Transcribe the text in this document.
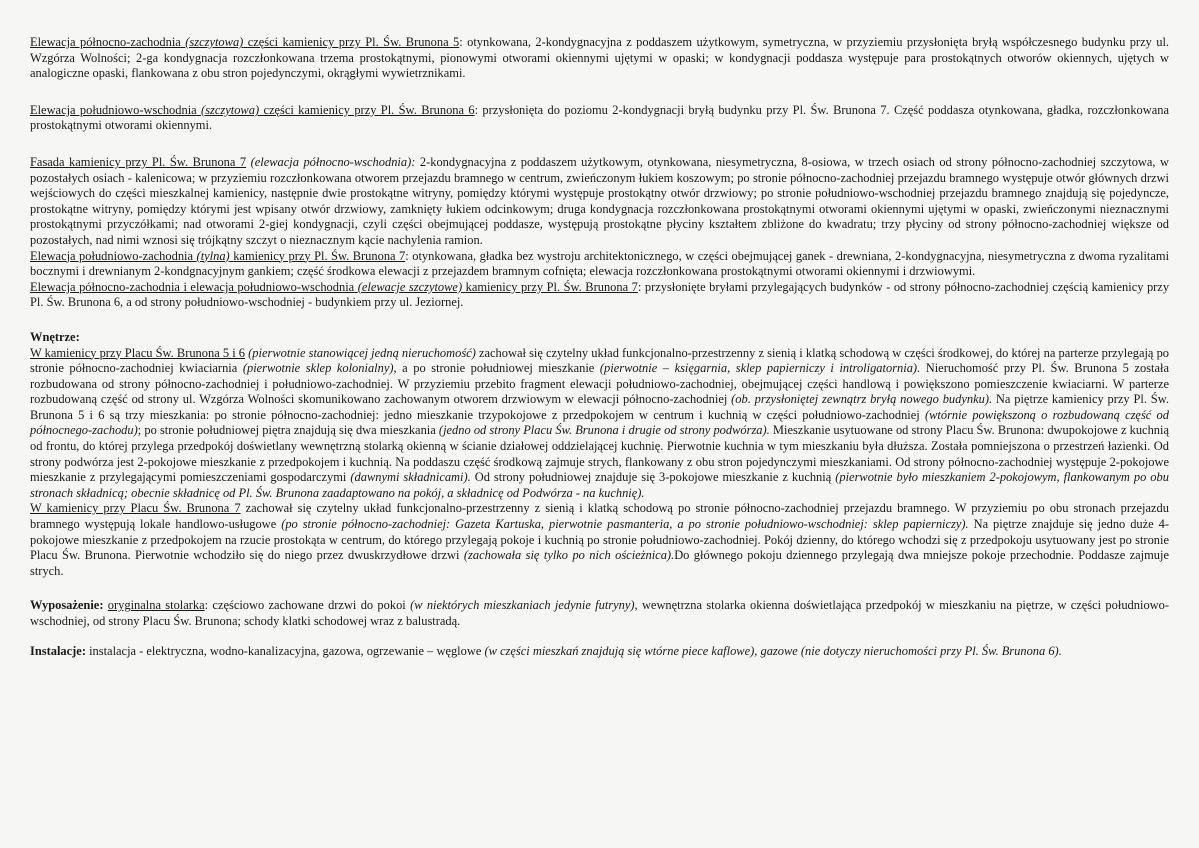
Elewacja północno-zachodnia (szczytowa) części kamienicy przy Pl. Św. Brunona 5: otynkowana, 2-kondygnacyjna z poddaszem użytkowym, symetryczna, w przyziemiu przysłonięta bryłą współczesnego budynku przy ul. Wzgórza Wolności; 2-ga kondygnacja rozczłonkowana trzema prostokątnymi, pionowymi otworami okiennymi ujętymi w opaski; w kondygnacji poddasza występuje para prostokątnych otworów okiennych, ujętych w analogiczne opaski, flankowana z obu stron pojedynczymi, okrągłymi wywietrznikami.

Elewacja południowo-wschodnia (szczytowa) części kamienicy przy Pl. Św. Brunona 6: przysłonięta do poziomu 2-kondygnacji bryłą budynku przy Pl. Św. Brunona 7. Część poddasza otynkowana, gładka, rozczłonkowana prostokątnymi otworami okiennymi.

Fasada kamienicy przy Pl. Św. Brunona 7 (elewacja północno-wschodnia): 2-kondygnacyjna z poddaszem użytkowym, otynkowana, niesymetryczna, 8-osiowa, w trzech osiach od strony północno-zachodniej szczytowa, w pozostałych osiach - kalenicowa; w przyziemiu rozczłonkowana otworem przejazdu bramnego w centrum, zwieńczonym łukiem koszowym; po stronie północno-zachodniej przejazdu bramnego występuje otwór głównych drzwi wejściowych do części mieszkalnej kamienicy, następnie dwie prostokątne witryny, pomiędzy którymi występuje prostokątny otwór drzwiowy; po stronie południowo-wschodniej przejazdu bramnego znajdują się pojedyncze, prostokątne witryny, pomiędzy którymi jest wpisany otwór drzwiowy, zamknięty łukiem odcinkowym; druga kondygnacja rozczłonkowana prostokątnymi otworami okiennymi ujętymi w opaski, zwieńczonymi nieznacznymi prostokątnymi przyczółkami; nad otworami 2-giej kondygnacji, czyli części obejmującej poddasze, występują prostokątne płyciny kształtem zbliżone do kwadratu; trzy płyciny od strony północno-zachodniej większe od pozostałych, nad nimi wznosi się trójkątny szczyt o nieznacznym kącie nachylenia ramion.

Elewacja południowo-zachodnia (tylna) kamienicy przy Pl. Św. Brunona 7: otynkowana, gładka bez wystroju architektonicznego, w części obejmującej ganek - drewniana, 2-kondygnacyjna, niesymetryczna z dwoma ryzalitami bocznymi i drewnianym 2-kondgnacyjnym gankiem; część środkowa elewacji z przejazdem bramnym cofnięta; elewacja rozczłonkowana prostokątnymi otworami okiennymi i drzwiowymi.

Elewacja północno-zachodnia i elewacja południowo-wschodnia (elewacje szczytowe) kamienicy przy Pl. Św. Brunona 7: przysłonięte bryłami przylegających budynków - od strony północno-zachodniej częścią kamienicy przy Pl. Św. Brunona 6, a od strony południowo-wschodniej - budynkiem przy ul. Jeziornej.

Wnętrze:

W kamienicy przy Placu Św. Brunona 5 i 6 (pierwotnie stanowiącej jedną nieruchomość) zachował się czytelny układ funkcjonalno-przestrzenny z sienią i klatką schodową w części środkowej, do której na parterze przylegają po stronie północno-zachodniej kwiaciarnia (pierwotnie sklep kolonialny), a po stronie południowej mieszkanie (pierwotnie – księgarnia, sklep papierniczy i introligatornia). Nieruchomość przy Pl. Św. Brunona 5 została rozbudowana od strony północno-zachodniej i południowo-zachodniej. W przyziemiu przebito fragment elewacji południowo-zachodniej, obejmującej części handlową i powiększono pomieszczenie kwiaciarni. W parterze rozbudowaną część od strony ul. Wzgórza Wolności skomunikowano zachowanym otworem drzwiowym w elewacji północno-zachodniej (ob. przysłoniętej zewnątrz bryłą nowego budynku). Na piętrze kamienicy przy Pl. Św. Brunona 5 i 6 są trzy mieszkania: po stronie północno-zachodniej: jedno mieszkanie trzypokojowe z przedpokojem w centrum i kuchnią w części południowo-zachodniej (wtórnie powiększoną o rozbudowaną część od północnego-zachodu); po stronie południowej piętra znajdują się dwa mieszkania (jedno od strony Placu Św. Brunona i drugie od strony podwórza). Mieszkanie usytuowane od strony Placu Św. Brunona: dwupokojowe z kuchnią od frontu, do której przylega przedpokój doświetlany wewnętrzną stolarką okienną w ścianie działowej oddzielającej kuchnię. Pierwotnie kuchnia w tym mieszkaniu była dłuższa. Została pomniejszona o przestrzeń łazienki. Od strony podwórza jest 2-pokojowe mieszkanie z przedpokojem i kuchnią. Na poddaszu część środkową zajmuje strych, flankowany z obu stron pojedynczymi mieszkaniami. Od strony północno-zachodniej występuje 2-pokojowe mieszkanie z przylegającymi pomieszczeniami gospodarczymi (dawnymi składnicami). Od strony południowej znajduje się 3-pokojowe mieszkanie z kuchnią (pierwotnie było mieszkaniem 2-pokojowym, flankowanym po obu stronach składnicą; obecnie składnicę od Pl. Św. Brunona zaadaptowano na pokój, a składnicę od Podwórza - na kuchnię).

W kamienicy przy Placu Św. Brunona 7 zachował się czytelny układ funkcjonalno-przestrzenny z sienią i klatką schodową po stronie północno-zachodniej przejazdu bramnego. W przyziemiu po obu stronach przejazdu bramnego występują lokale handlowo-usługowe (po stronie północno-zachodniej: Gazeta Kartuska, pierwotnie pasmanteria, a po stronie południowo-wschodniej: sklep papierniczy). Na piętrze znajduje się jedno duże 4-pokojowe mieszkanie z przedpokojem na rzucie prostokąta w centrum, do którego przylegają pokoje i kuchnią po stronie południowo-zachodniej. Pokój dzienny, do którego wchodzi się z przedpokoju usytuowany jest po stronie Placu Św. Brunona. Pierwotnie wchodziło się do niego przez dwuskrzydłowe drzwi (zachowała się tylko po nich ościeżnica).Do głównego pokoju dziennego przylegają dwa mniejsze pokoje przechodnie. Poddasze zajmuje strych.

Wyposażenie: oryginalna stolarka: częściowo zachowane drzwi do pokoi (w niektórych mieszkaniach jedynie futryny), wewnętrzna stolarka okienna doświetlająca przedpokój w mieszkaniu na piętrze, w części południowo-wschodniej, od strony Placu Św. Brunona; schody klatki schodowej wraz z balustradą.

Instalacje: instalacja - elektryczna, wodno-kanalizacyjna, gazowa, ogrzewanie – węglowe (w części mieszkań znajdują się wtórne piece kaflowe), gazowe (nie dotyczy nieruchomości przy Pl. Św. Brunona 6).
